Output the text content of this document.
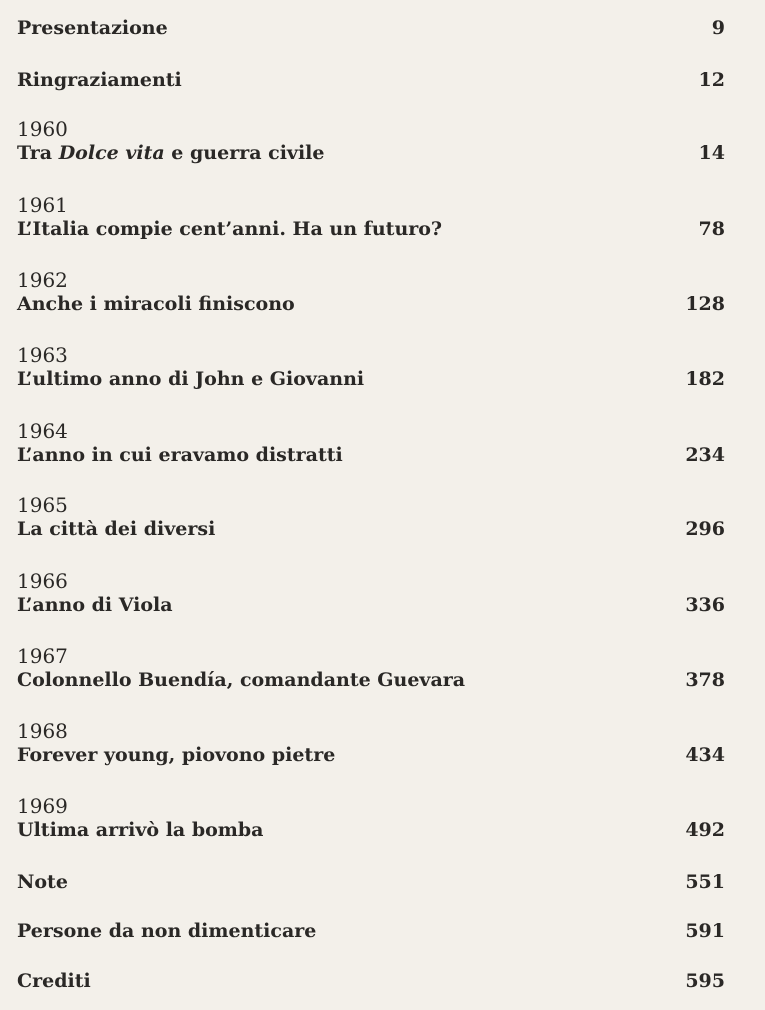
Presentazione	9
Ringraziamenti	12
1960
Tra Dolce vita e guerra civile	14
1961
L’Italia compie cent’anni. Ha un futuro?	78
1962
Anche i miracoli finiscono	128
1963
L’ultimo anno di John e Giovanni	182
1964
L’anno in cui eravamo distratti	234
1965
La città dei diversi	296
1966
L’anno di Viola	336
1967
Colonnello Buendía, comandante Guevara	378
1968
Forever young, piovono pietre	434
1969
Ultima arrivò la bomba	492
Note	551
Persone da non dimenticare	591
Crediti	595
